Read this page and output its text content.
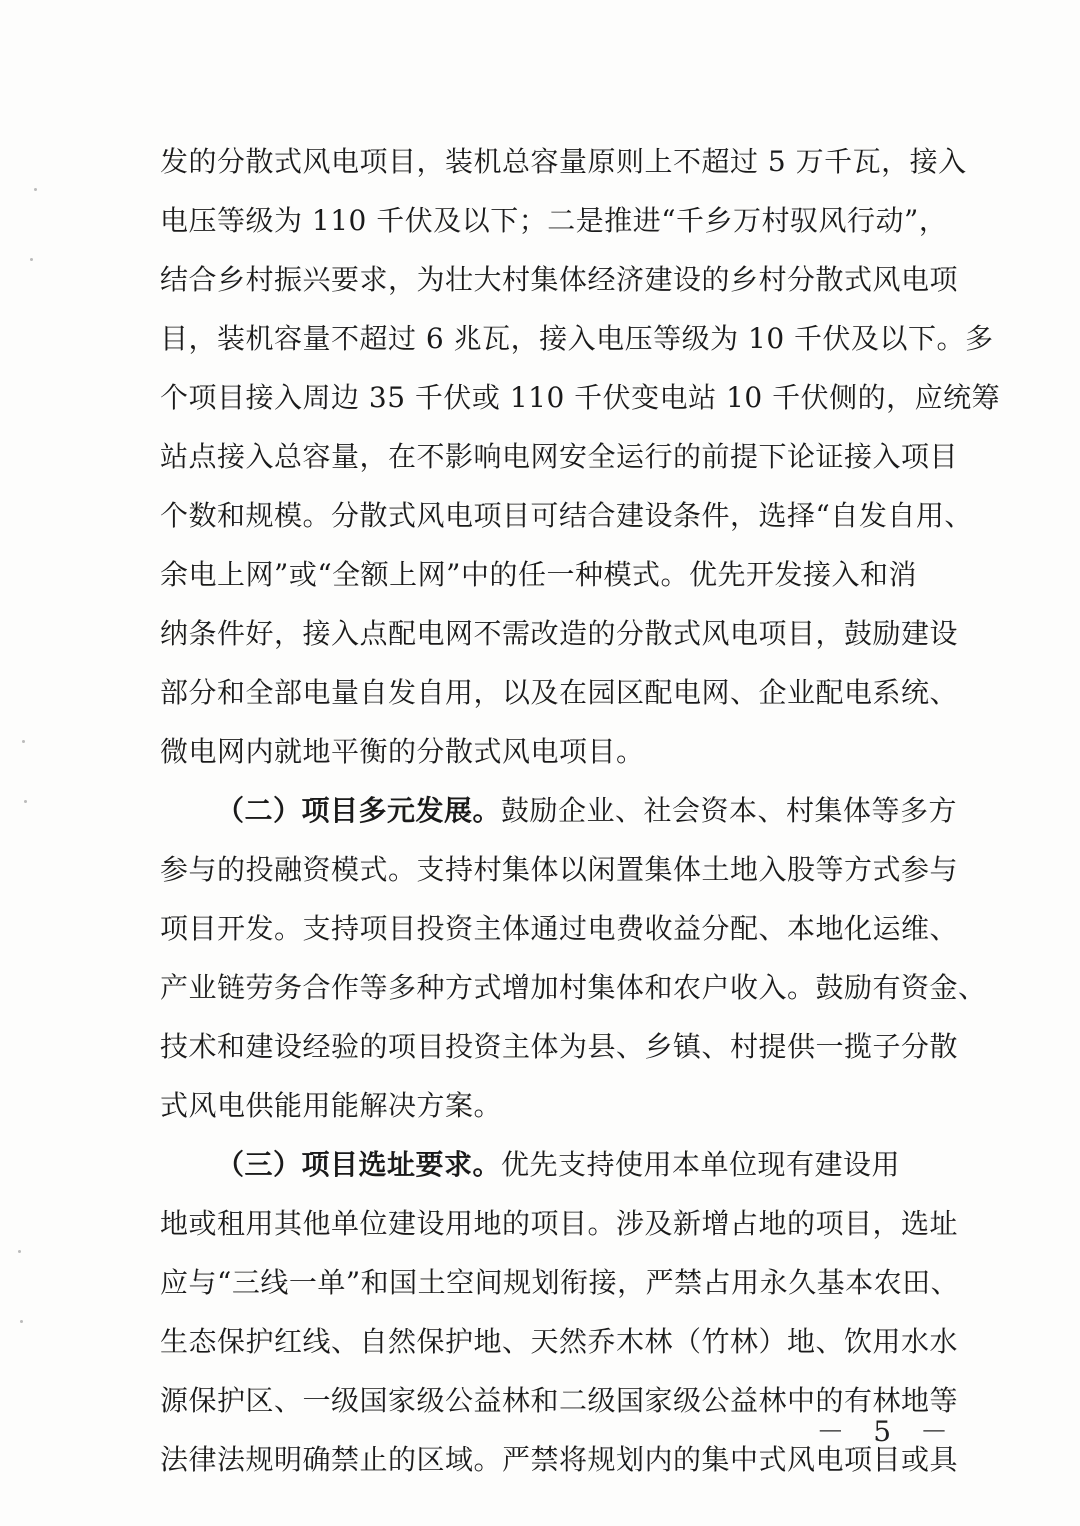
发的分散式风电项目，装机总容量原则上不超过 5 万千瓦，接入
电压等级为 110 千伏及以下；二是推进“千乡万村驭风行动”，
结合乡村振兴要求，为壮大村集体经济建设的乡村分散式风电项
目，装机容量不超过 6 兆瓦，接入电压等级为 10 千伏及以下。多
个项目接入周边 35 千伏或 110 千伏变电站 10 千伏侧的，应统筹
站点接入总容量，在不影响电网安全运行的前提下论证接入项目
个数和规模。分散式风电项目可结合建设条件，选择“自发自用、
余电上网”或“全额上网”中的任一种模式。优先开发接入和消
纳条件好，接入点配电网不需改造的分散式风电项目，鼓励建设
部分和全部电量自发自用，以及在园区配电网、企业配电系统、
微电网内就地平衡的分散式风电项目。
（二）项目多元发展。鼓励企业、社会资本、村集体等多方
参与的投融资模式。支持村集体以闲置集体土地入股等方式参与
项目开发。支持项目投资主体通过电费收益分配、本地化运维、
产业链劳务合作等多种方式增加村集体和农户收入。鼓励有资金、
技术和建设经验的项目投资主体为县、乡镇、村提供一揽子分散
式风电供能用能解决方案。
（三）项目选址要求。优先支持使用本单位现有建设用
地或租用其他单位建设用地的项目。涉及新增占地的项目，选址
应与“三线一单”和国土空间规划衔接，严禁占用永久基本农田、
生态保护红线、自然保护地、天然乔木林（竹林）地、饮用水水
源保护区、一级国家级公益林和二级国家级公益林中的有林地等
法律法规明确禁止的区域。严禁将规划内的集中式风电项目或具
－ 5 －
